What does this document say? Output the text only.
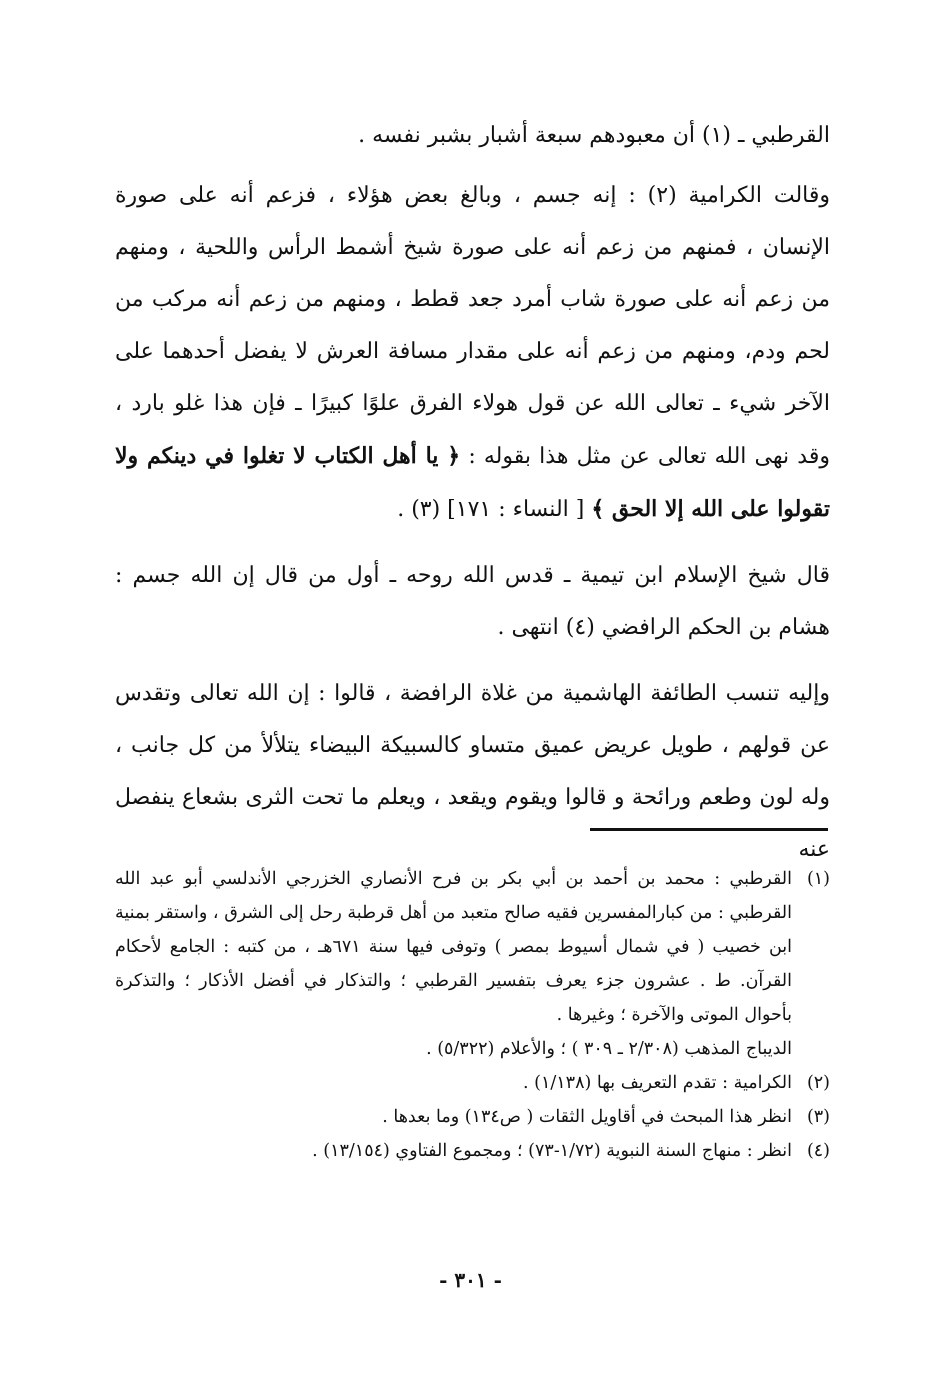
القرطبي ـ (١) أن معبودهم سبعة أشبار بشبر نفسه .

وقالت الكرامية (٢) : إنه جسم ، وبالغ بعض هؤلاء ، فزعم أنه على صورة الإنسان ، فمنهم من زعم أنه على صورة شيخ أشمط الرأس واللحية ، ومنهم من زعم أنه على صورة شاب أمرد جعد قطط ، ومنهم من زعم أنه مركب من لحم ودم، ومنهم من زعم أنه على مقدار مسافة العرش لا يفضل أحدهما على الآخر شيء ـ تعالى الله عن قول هولاء الفرق علوًا كبيرًا ـ فإن هذا غلو بارد ، وقد نهى الله تعالى عن مثل هذا بقوله : ﴿ يا أهل الكتاب لا تغلوا في دينكم ولا تقولوا على الله إلا الحق ﴾ [ النساء : ١٧١] (٣) .

قال شيخ الإسلام ابن تيمية ـ قدس الله روحه ـ أول من قال إن الله جسم : هشام بن الحكم الرافضي (٤) انتهى .

وإليه تنسب الطائفة الهاشمية من غلاة الرافضة ، قالوا : إن الله تعالى وتقدس عن قولهم ، طويل عريض عميق متساو كالسبيكة البيضاء يتلألأ من كل جانب ، وله لون وطعم ورائحة و قالوا ويقوم ويقعد ، ويعلم ما تحت الثرى بشعاع ينفصل عنه

(١)
القرطبي : محمد بن أحمد بن أبي بكر بن فرح الأنصاري الخزرجي الأندلسي أبو عبد الله القرطبي : من كبارالمفسرين فقيه صالح متعبد من أهل قرطبة رحل إلى الشرق ، واستقر بمنية ابن خصيب ( في شمال أسيوط بمصر ) وتوفى فيها سنة ٦٧١هـ ، من كتبه : الجامع لأحكام القرآن. ط . عشرون جزء يعرف بتفسير القرطبي ؛ والتذكار في أفضل الأذكار ؛ والتذكرة بأحوال الموتى والآخرة ؛ وغيرها .
الديباج المذهب (٢/٣٠٨ ـ ٣٠٩ ) ؛ والأعلام (٥/٣٢٢) .
(٢)
الكرامية : تقدم التعريف بها (١/١٣٨) .
(٣)
انظر هذا المبحث في أقاويل الثقات ( ص١٣٤) وما بعدها .
(٤)
انظر : منهاج السنة النبوية (١/٧٢-٧٣) ؛ ومجموع الفتاوي (١٣/١٥٤) .
- ٣٠١ -
